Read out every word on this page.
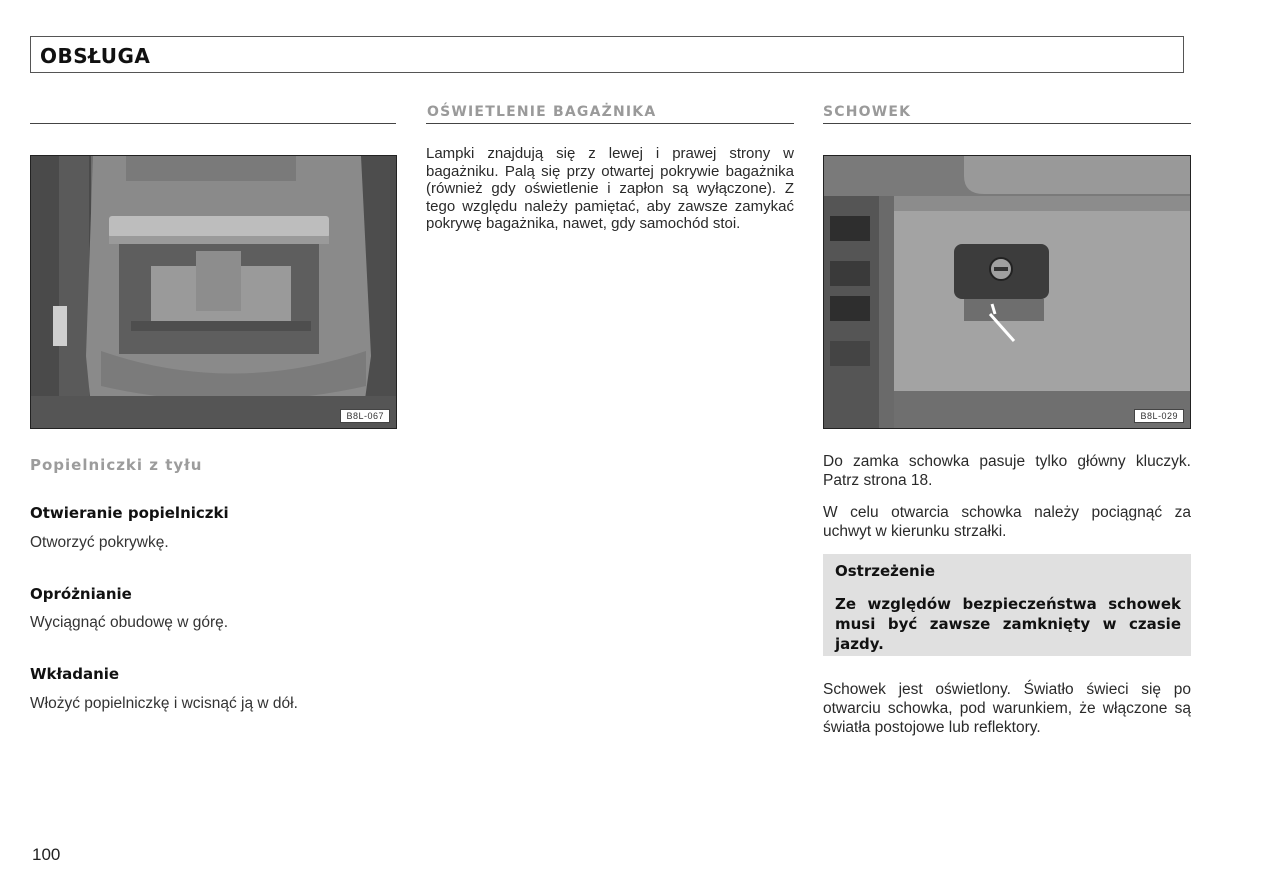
OBSŁUGA
OŚWIETLENIE BAGAŻNIKA	SCHOWEK
B8L-067	B8L-029

Lampki znajdują się z lewej i prawej strony w bagażniku. Palą się przy otwartej pokrywie bagażnika (również gdy oświetlenie i zapłon są wyłączone). Z tego względu należy pamiętać, aby zawsze zamykać pokrywę bagażnika, nawet, gdy samochód stoi.

Popielniczki z tyłu
Otwieranie popielniczki
Otworzyć pokrywkę.
Opróżnianie
Wyciągnąć obudowę w górę.
Wkładanie
Włożyć popielniczkę i wcisnąć ją w dół.

Do zamka schowka pasuje tylko główny kluczyk. Patrz strona 18.

W celu otwarcia schowka należy pociągnąć za uchwyt w kierunku strzałki.

Ostrzeżenie

Ze względów bezpieczeństwa schowek musi być zawsze zamknięty w czasie jazdy.

Schowek jest oświetlony. Światło świeci się po otwarciu schowka, pod warunkiem, że włączone są światła postojowe lub reflektory.

100
